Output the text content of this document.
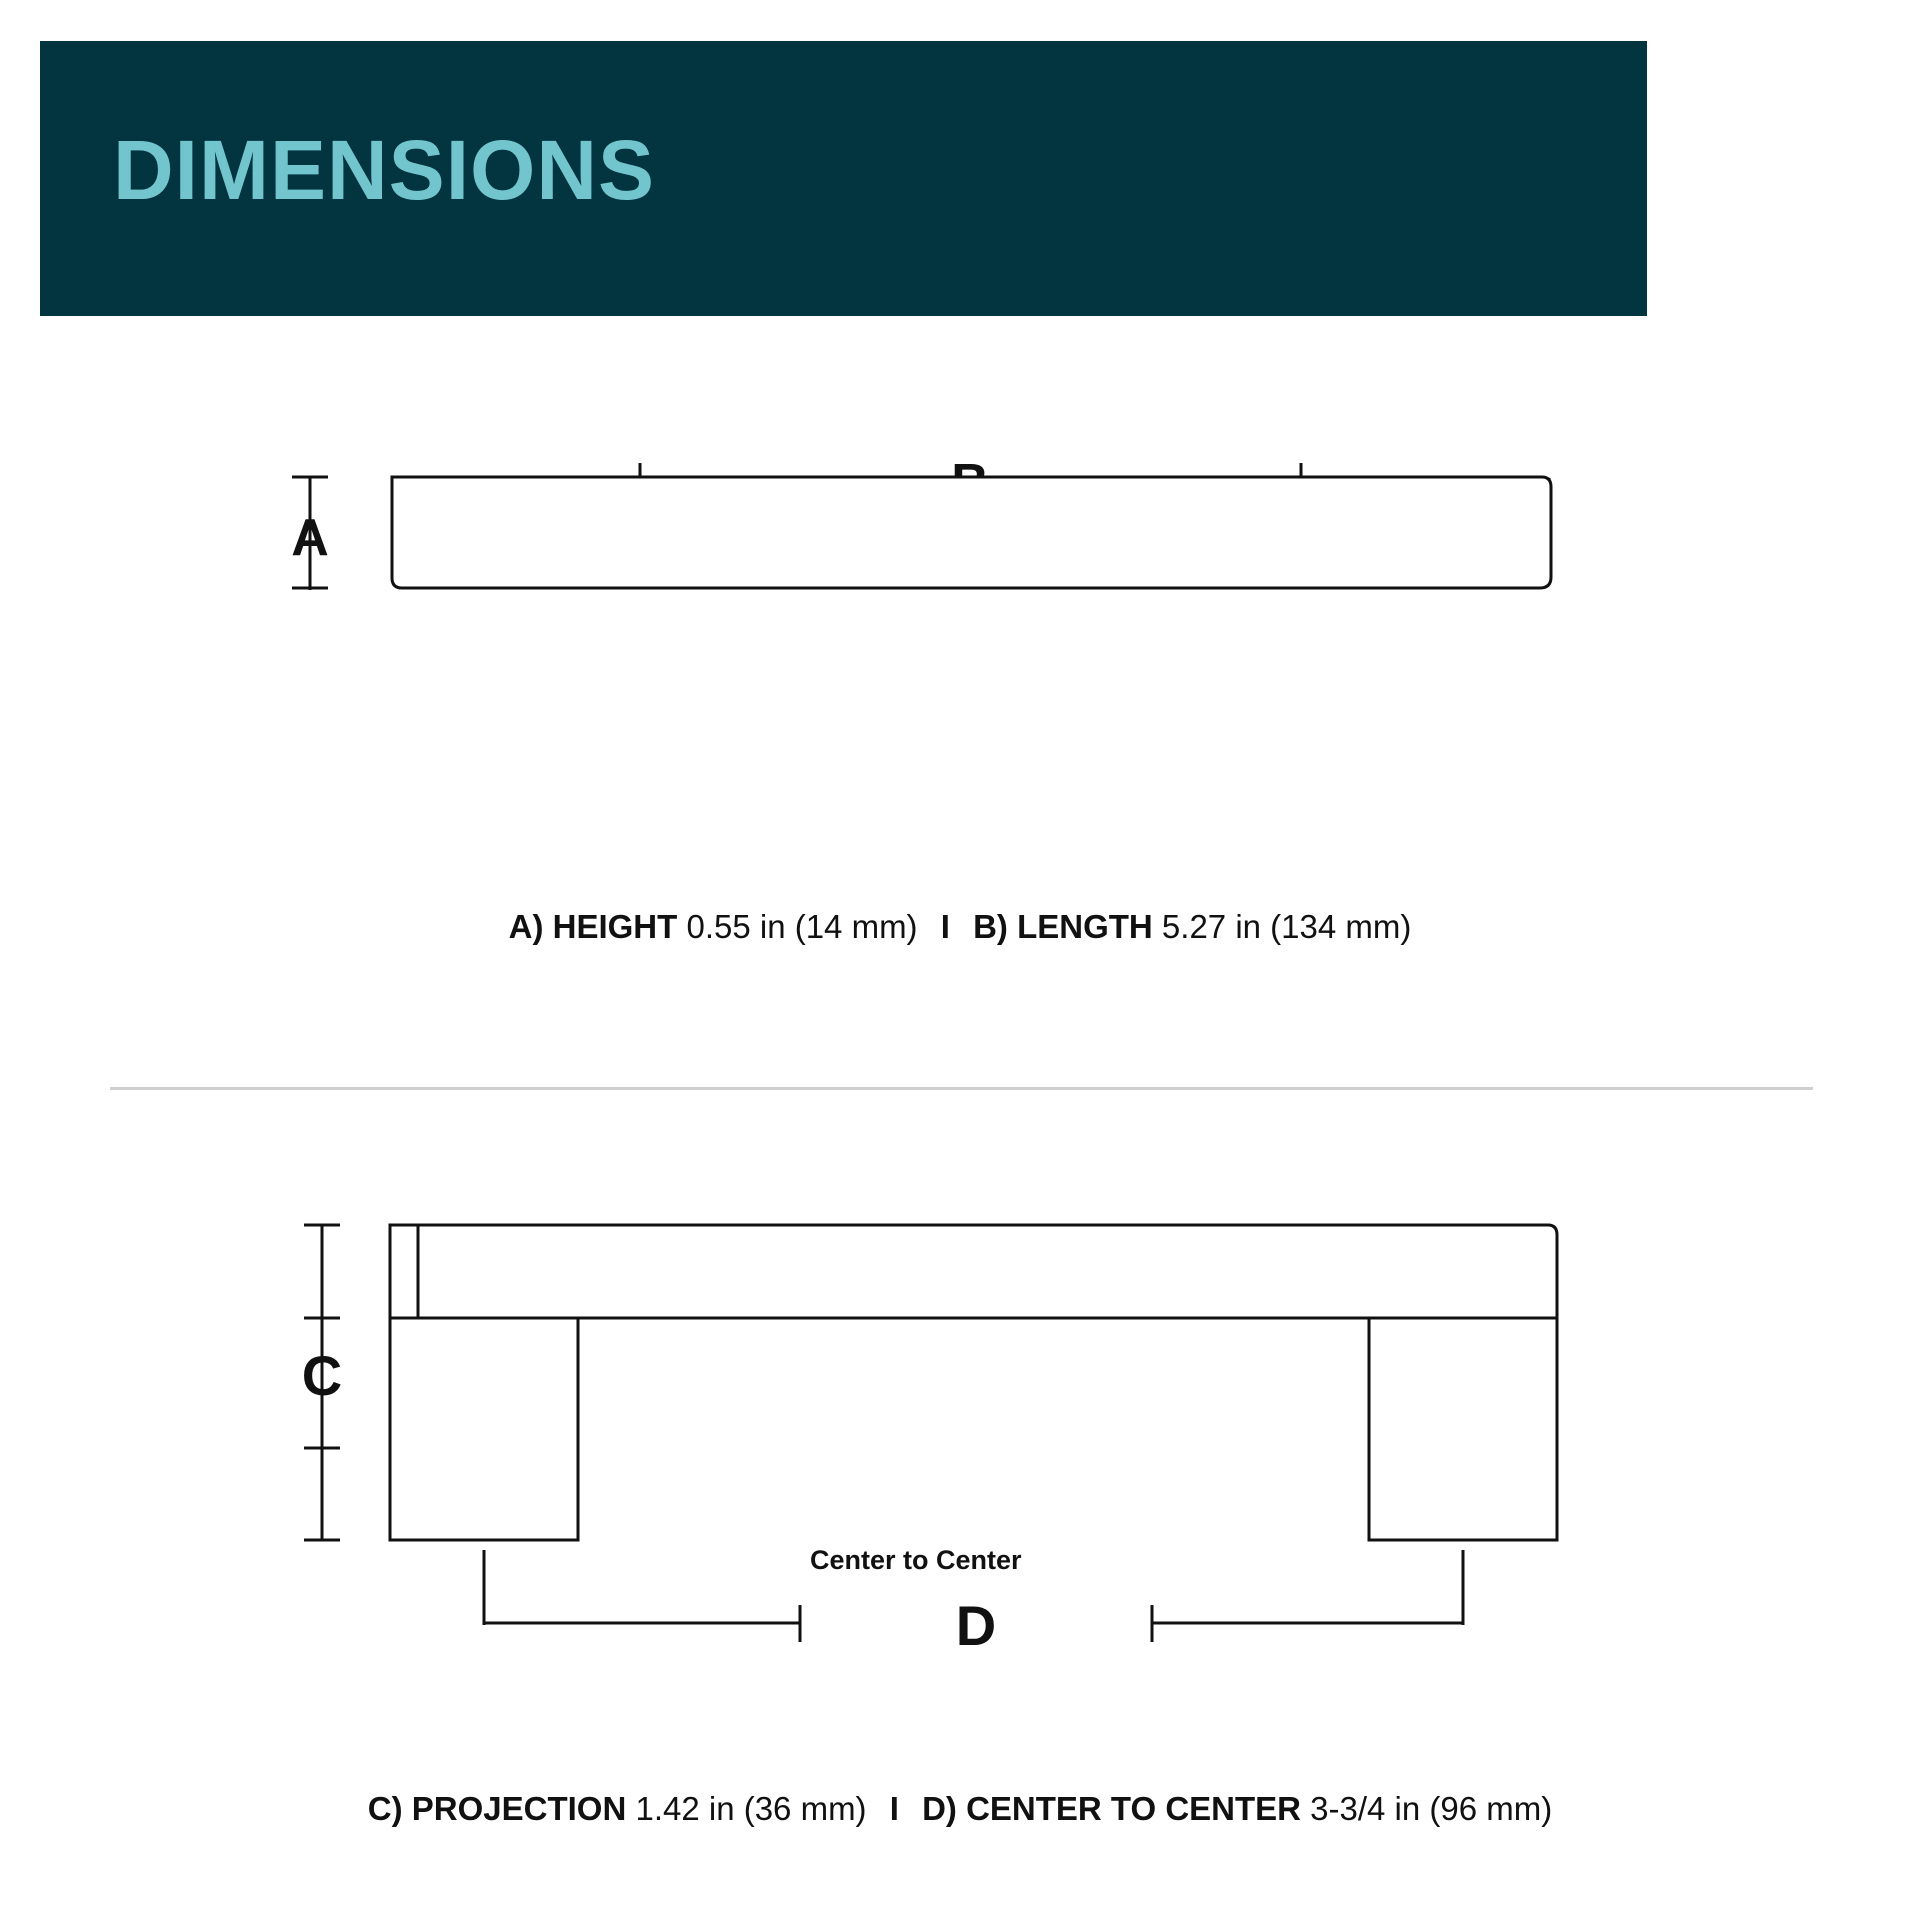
DIMENSIONS
A
A) HEIGHT 0.55 in (14 mm) I B) LENGTH 5.27 in (134 mm)
C
D
Center to Center
C) PROJECTION 1.42 in (36 mm) I D) CENTER TO CENTER 3-3/4 in (96 mm)
